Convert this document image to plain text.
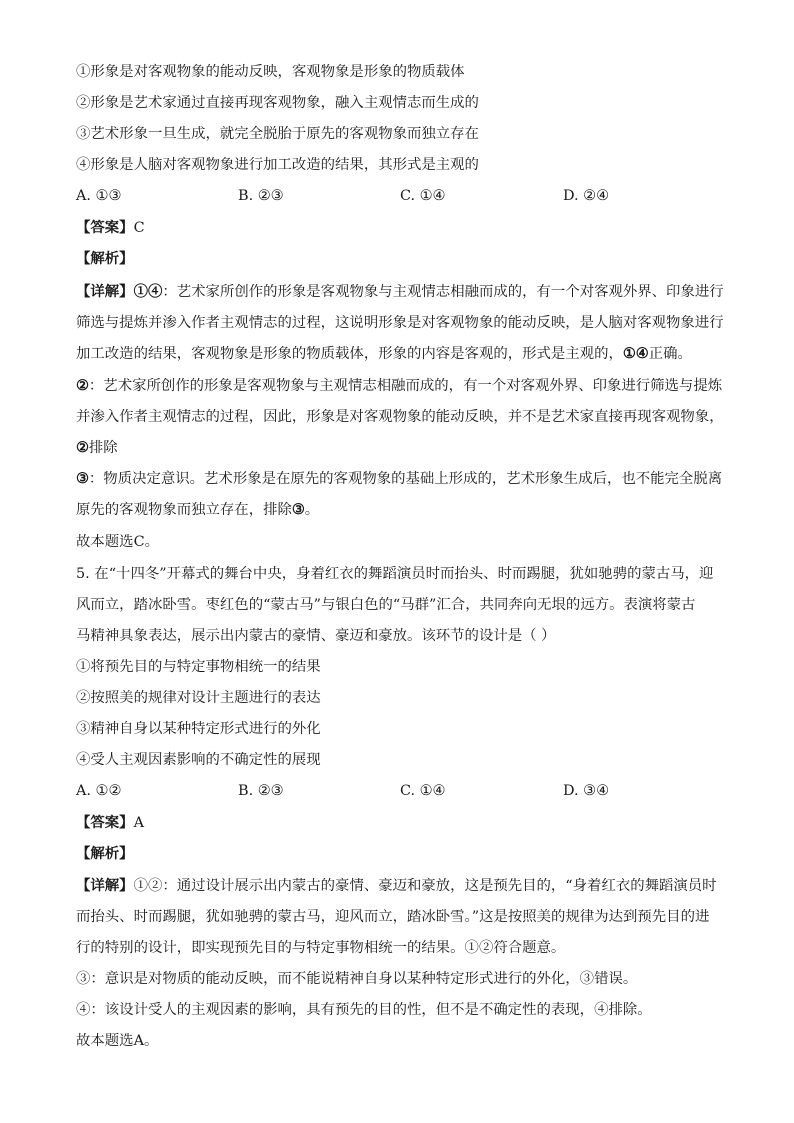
①形象是对客观物象的能动反映，客观物象是形象的物质载体
②形象是艺术家通过直接再现客观物象，融入主观情志而生成的
③艺术形象一旦生成，就完全脱胎于原先的客观物象而独立存在
④形象是人脑对客观物象进行加工改造的结果，其形式是主观的
A. ①③	B. ②③	C. ①④	D. ②④
【答案】C
【解析】
【详解】①④：艺术家所创作的形象是客观物象与主观情志相融而成的，有一个对客观外界、印象进行
筛选与提炼并渗入作者主观情志的过程，这说明形象是对客观物象的能动反映，是人脑对客观物象进行
加工改造的结果，客观物象是形象的物质载体，形象的内容是客观的，形式是主观的，①④正确。
②：艺术家所创作的形象是客观物象与主观情志相融而成的，有一个对客观外界、印象进行筛选与提炼
并渗入作者主观情志的过程，因此，形象是对客观物象的能动反映，并不是艺术家直接再现客观物象，
②排除
③：物质决定意识。艺术形象是在原先的客观物象的基础上形成的，艺术形象生成后，也不能完全脱离
原先的客观物象而独立存在，排除③。
故本题选C。
5. 在“十四冬”开幕式的舞台中央，身着红衣的舞蹈演员时而抬头、时而踢腿，犹如驰骋的蒙古马，迎
风而立，踏冰卧雪。枣红色的“蒙古马”与银白色的“马群”汇合，共同奔向无垠的远方。表演将蒙古
马精神具象表达，展示出内蒙古的豪情、豪迈和豪放。该环节的设计是（ ）
①将预先目的与特定事物相统一的结果
②按照美的规律对设计主题进行的表达
③精神自身以某种特定形式进行的外化
④受人主观因素影响的不确定性的展现
A. ①②	B. ②③	C. ①④	D. ③④
【答案】A
【解析】
【详解】①②：通过设计展示出内蒙古的豪情、豪迈和豪放，这是预先目的，“身着红衣的舞蹈演员时
而抬头、时而踢腿，犹如驰骋的蒙古马，迎风而立，踏冰卧雪。”这是按照美的规律为达到预先目的进
行的特别的设计，即实现预先目的与特定事物相统一的结果。①②符合题意。
③：意识是对物质的能动反映，而不能说精神自身以某种特定形式进行的外化，③错误。
④：该设计受人的主观因素的影响，具有预先的目的性，但不是不确定性的表现，④排除。
故本题选A。
